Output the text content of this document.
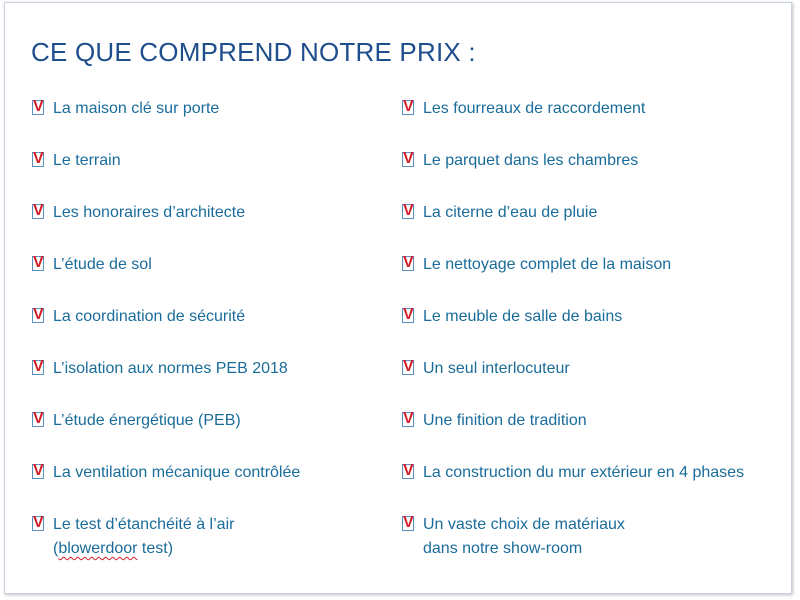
CE QUE COMPREND NOTRE PRIX :
V La maison clé sur porte
V Le terrain
V Les honoraires d’architecte
V L’étude de sol
V La coordination de sécurité
V L’isolation aux normes PEB 2018
V L’étude énergétique (PEB)
V La ventilation mécanique contrôlée
V Le test d’étanchéité à l’air
(blowerdoor test)
V Les fourreaux de raccordement
V Le parquet dans les chambres
V La citerne d’eau de pluie
V Le nettoyage complet de la maison
V Le meuble de salle de bains
V Un seul interlocuteur
V Une finition de tradition
V La construction du mur extérieur en 4 phases
V Un vaste choix de matériaux
dans notre show-room
